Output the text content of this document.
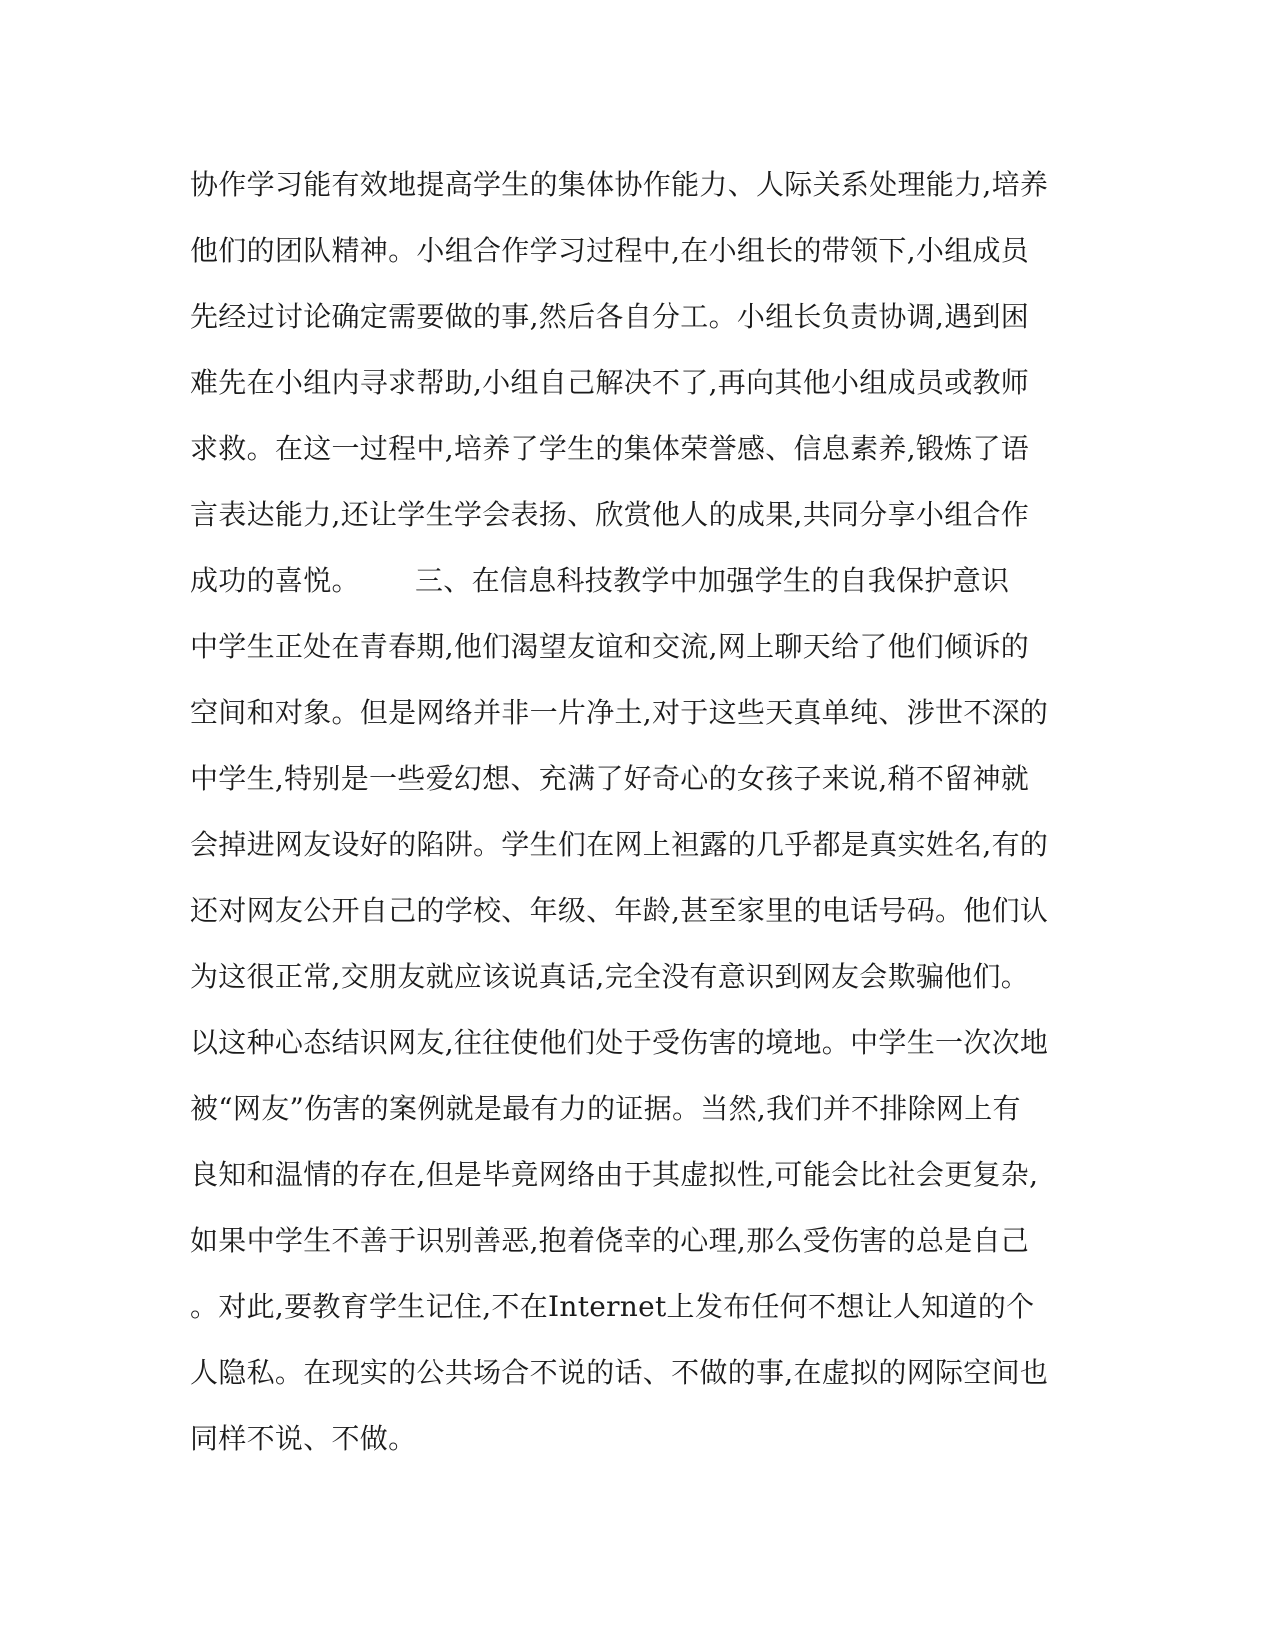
协作学习能有效地提高学生的集体协作能力、人际关系处理能力,培养
他们的团队精神。小组合作学习过程中,在小组长的带领下,小组成员
先经过讨论确定需要做的事,然后各自分工。小组长负责协调,遇到困
难先在小组内寻求帮助,小组自己解决不了,再向其他小组成员或教师
求救。在这一过程中,培养了学生的集体荣誉感、信息素养,锻炼了语
言表达能力,还让学生学会表扬、欣赏他人的成果,共同分享小组合作
成功的喜悦。      三、在信息科技教学中加强学生的自我保护意识
中学生正处在青春期,他们渴望友谊和交流,网上聊天给了他们倾诉的
空间和对象。但是网络并非一片净土,对于这些天真单纯、涉世不深的
中学生,特别是一些爱幻想、充满了好奇心的女孩子来说,稍不留神就
会掉进网友设好的陷阱。学生们在网上袒露的几乎都是真实姓名,有的
还对网友公开自己的学校、年级、年龄,甚至家里的电话号码。他们认
为这很正常,交朋友就应该说真话,完全没有意识到网友会欺骗他们。
以这种心态结识网友,往往使他们处于受伤害的境地。中学生一次次地
被“网友”伤害的案例就是最有力的证据。当然,我们并不排除网上有
良知和温情的存在,但是毕竟网络由于其虚拟性,可能会比社会更复杂,
如果中学生不善于识别善恶,抱着侥幸的心理,那么受伤害的总是自己
。对此,要教育学生记住,不在Internet上发布任何不想让人知道的个
人隐私。在现实的公共场合不说的话、不做的事,在虚拟的网际空间也
同样不说、不做。
